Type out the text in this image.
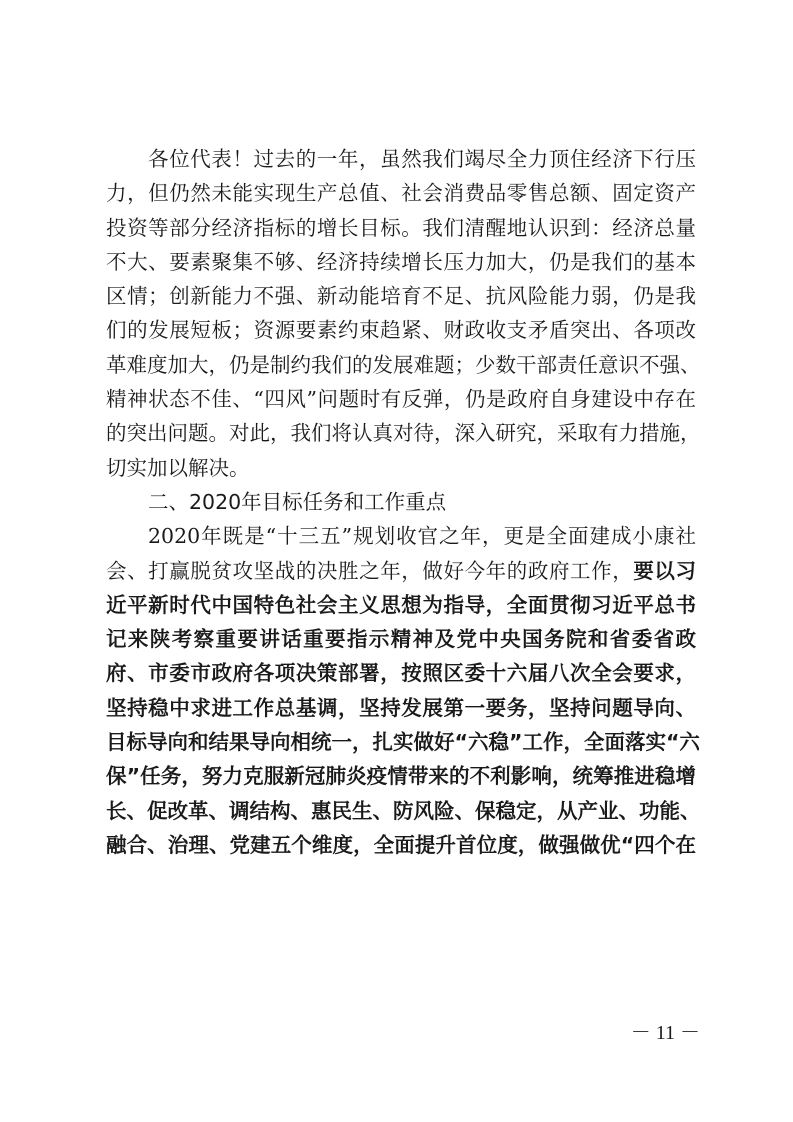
各位代表！过去的一年，虽然我们竭尽全力顶住经济下行压
力，但仍然未能实现生产总值、社会消费品零售总额、固定资产
投资等部分经济指标的增长目标。我们清醒地认识到：经济总量
不大、要素聚集不够、经济持续增长压力加大，仍是我们的基本
区情；创新能力不强、新动能培育不足、抗风险能力弱，仍是我
们的发展短板；资源要素约束趋紧、财政收支矛盾突出、各项改
革难度加大，仍是制约我们的发展难题；少数干部责任意识不强、
精神状态不佳、“四风”问题时有反弹，仍是政府自身建设中存在
的突出问题。对此，我们将认真对待，深入研究，采取有力措施，
切实加以解决。
二、2020年目标任务和工作重点
2020年既是“十三五”规划收官之年，更是全面建成小康社
会、打赢脱贫攻坚战的决胜之年，做好今年的政府工作，要以习
近平新时代中国特色社会主义思想为指导，全面贯彻习近平总书
记来陕考察重要讲话重要指示精神及党中央国务院和省委省政
府、市委市政府各项决策部署，按照区委十六届八次全会要求，
坚持稳中求进工作总基调，坚持发展第一要务，坚持问题导向、
目标导向和结果导向相统一，扎实做好“六稳”工作，全面落实“六
保”任务，努力克服新冠肺炎疫情带来的不利影响，统筹推进稳增
长、促改革、调结构、惠民生、防风险、保稳定，从产业、功能、
融合、治理、党建五个维度，全面提升首位度，做强做优“四个在
－ 11 －
